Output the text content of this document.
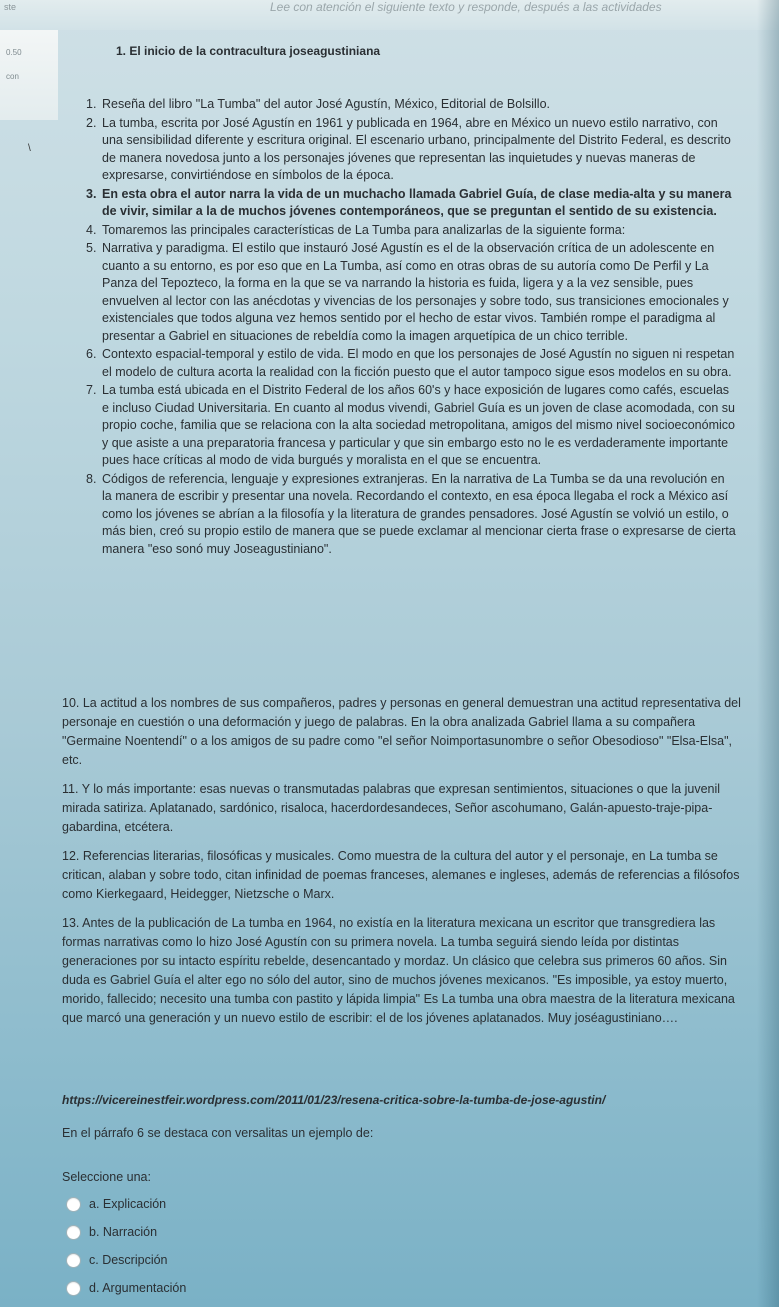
ste	Lee con atención el siguiente texto y responde, después a las actividades
0.50
con
\
1. El inicio de la contracultura joseagustiniana
1. Reseña del libro "La Tumba" del autor José Agustín, México, Editorial de Bolsillo.
2. La tumba, escrita por José Agustín en 1961 y publicada en 1964, abre en México un nuevo estilo narrativo, con una sensibilidad diferente y escritura original. El escenario urbano, principalmente del Distrito Federal, es descrito de manera novedosa junto a los personajes jóvenes que representan las inquietudes y nuevas maneras de expresarse, convirtiéndose en símbolos de la época.
3. En esta obra el autor narra la vida de un muchacho llamada Gabriel Guía, de clase media-alta y su manera de vivir, similar a la de muchos jóvenes contemporáneos, que se preguntan el sentido de su existencia.
4. Tomaremos las principales características de La Tumba para analizarlas de la siguiente forma:
5. Narrativa y paradigma. El estilo que instauró José Agustín es el de la observación crítica de un adolescente en cuanto a su entorno, es por eso que en La Tumba, así como en otras obras de su autoría como De Perfil y La Panza del Tepozteco, la forma en la que se va narrando la historia es fuida, ligera y a la vez sensible, pues envuelven al lector con las anécdotas y vivencias de los personajes y sobre todo, sus transiciones emocionales y existenciales que todos alguna vez hemos sentido por el hecho de estar vivos. También rompe el paradigma al presentar a Gabriel en situaciones de rebeldía como la imagen arquetípica de un chico terrible.
6. Contexto espacial-temporal y estilo de vida. El modo en que los personajes de José Agustín no siguen ni respetan el modelo de cultura acorta la realidad con la ficción puesto que el autor tampoco sigue esos modelos en su obra.
7. La tumba está ubicada en el Distrito Federal de los años 60's y hace exposición de lugares como cafés, escuelas e incluso Ciudad Universitaria. En cuanto al modus vivendi, Gabriel Guía es un joven de clase acomodada, con su propio coche, familia que se relaciona con la alta sociedad metropolitana, amigos del mismo nivel socioeconómico y que asiste a una preparatoria francesa y particular y que sin embargo esto no le es verdaderamente importante pues hace críticas al modo de vida burgués y moralista en el que se encuentra.
8. Códigos de referencia, lenguaje y expresiones extranjeras. En la narrativa de La Tumba se da una revolución en la manera de escribir y presentar una novela. Recordando el contexto, en esa época llegaba el rock a México así como los jóvenes se abrían a la filosofía y la literatura de grandes pensadores. José Agustín se volvió un estilo, o más bien, creó su propio estilo de manera que se puede exclamar al mencionar cierta frase o expresarse de cierta manera "eso sonó muy Joseagustiniano".

10. La actitud a los nombres de sus compañeros, padres y personas en general demuestran una actitud representativa del personaje en cuestión o una deformación y juego de palabras. En la obra analizada Gabriel llama a su compañera "Germaine Noentendí" o a los amigos de su padre como "el señor Noimportasunombre o señor Obesodioso" "Elsa-Elsa", etc.

11. Y lo más importante: esas nuevas o transmutadas palabras que expresan sentimientos, situaciones o que la juvenil mirada satiriza. Aplatanado, sardónico, risaloca, hacerdordesandeces, Señor ascohumano, Galán-apuesto-traje-pipa-gabardina, etcétera.

12. Referencias literarias, filosóficas y musicales. Como muestra de la cultura del autor y el personaje, en La tumba se critican, alaban y sobre todo, citan infinidad de poemas franceses, alemanes e ingleses, además de referencias a filósofos como Kierkegaard, Heidegger, Nietzsche o Marx.

13. Antes de la publicación de La tumba en 1964, no existía en la literatura mexicana un escritor que transgrediera las formas narrativas como lo hizo José Agustín con su primera novela. La tumba seguirá siendo leída por distintas generaciones por su intacto espíritu rebelde, desencantado y mordaz. Un clásico que celebra sus primeros 60 años. Sin duda es Gabriel Guía el alter ego no sólo del autor, sino de muchos jóvenes mexicanos. "Es imposible, ya estoy muerto, morido, fallecido; necesito una tumba con pastito y lápida limpia" Es La tumba una obra maestra de la literatura mexicana que marcó una generación y un nuevo estilo de escribir: el de los jóvenes aplatanados. Muy joséagustiniano….

https://vicereinestfeir.wordpress.com/2011/01/23/resena-critica-sobre-la-tumba-de-jose-agustin/
En el párrafo 6 se destaca con versalitas un ejemplo de:
Seleccione una:
a. Explicación
b. Narración
c. Descripción
d. Argumentación
